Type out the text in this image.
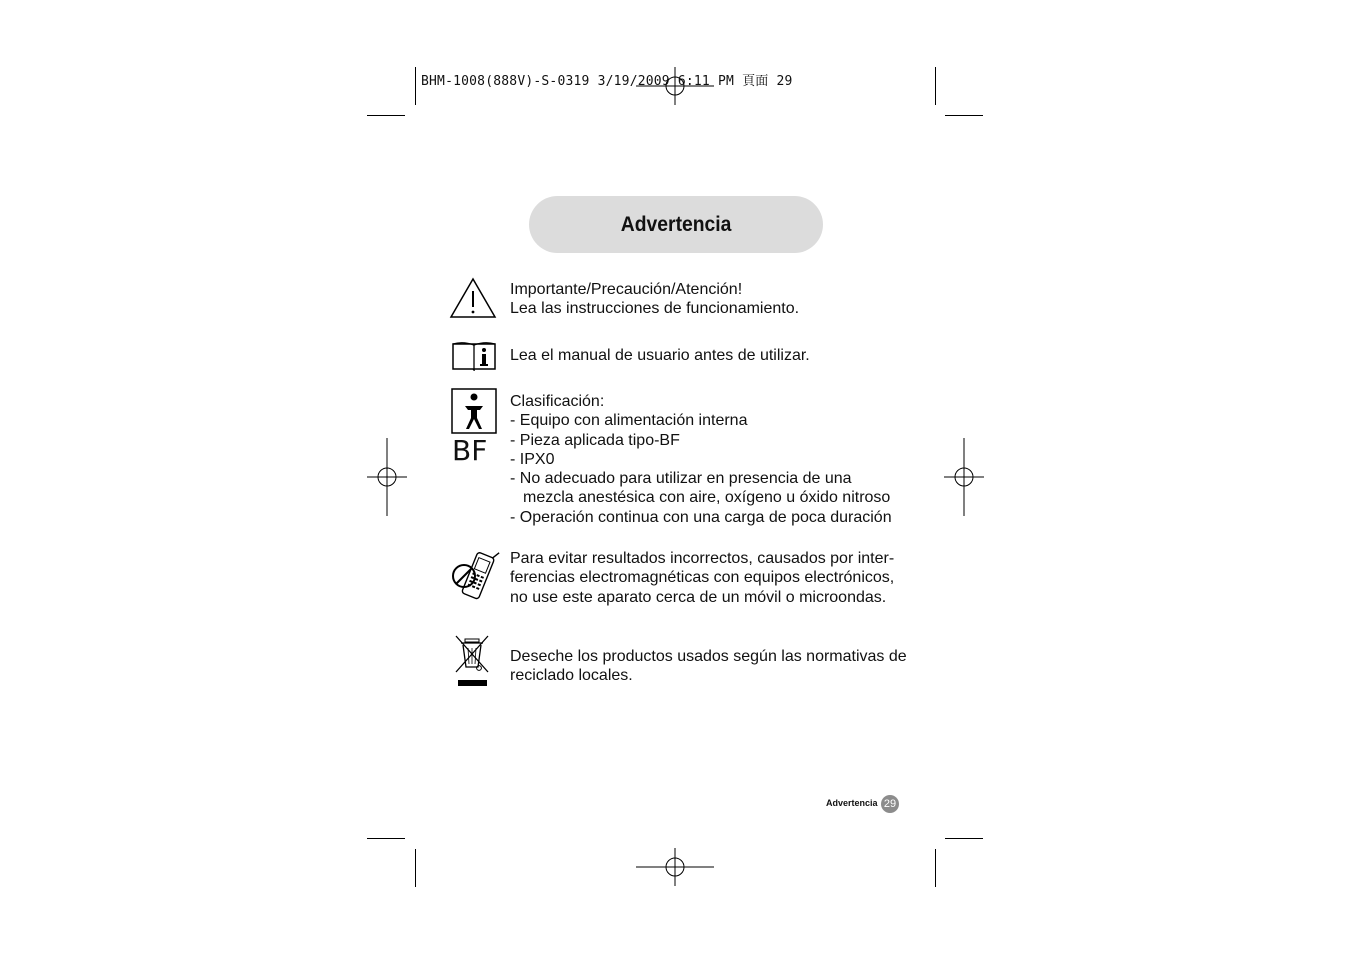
BHM-1008(888V)-S-0319 3/19/2009 6:11 PM 頁面 29
Advertencia
Importante/Precaución/Atención!
Lea las instrucciones de funcionamiento.
Lea el manual de usuario antes de utilizar.
BF
Clasificación:
- Equipo con alimentación interna
- Pieza aplicada tipo-BF
- IPX0
- No adecuado para utilizar en presencia de una
mezcla anestésica con aire, oxígeno u óxido nitroso
- Operación continua con una carga de poca duración
Para evitar resultados incorrectos, causados por inter-
ferencias electromagnéticas con equipos electrónicos,
no use este aparato cerca de un móvil o microondas.
Deseche los productos usados según las normativas de
reciclado locales.
Advertencia 29
